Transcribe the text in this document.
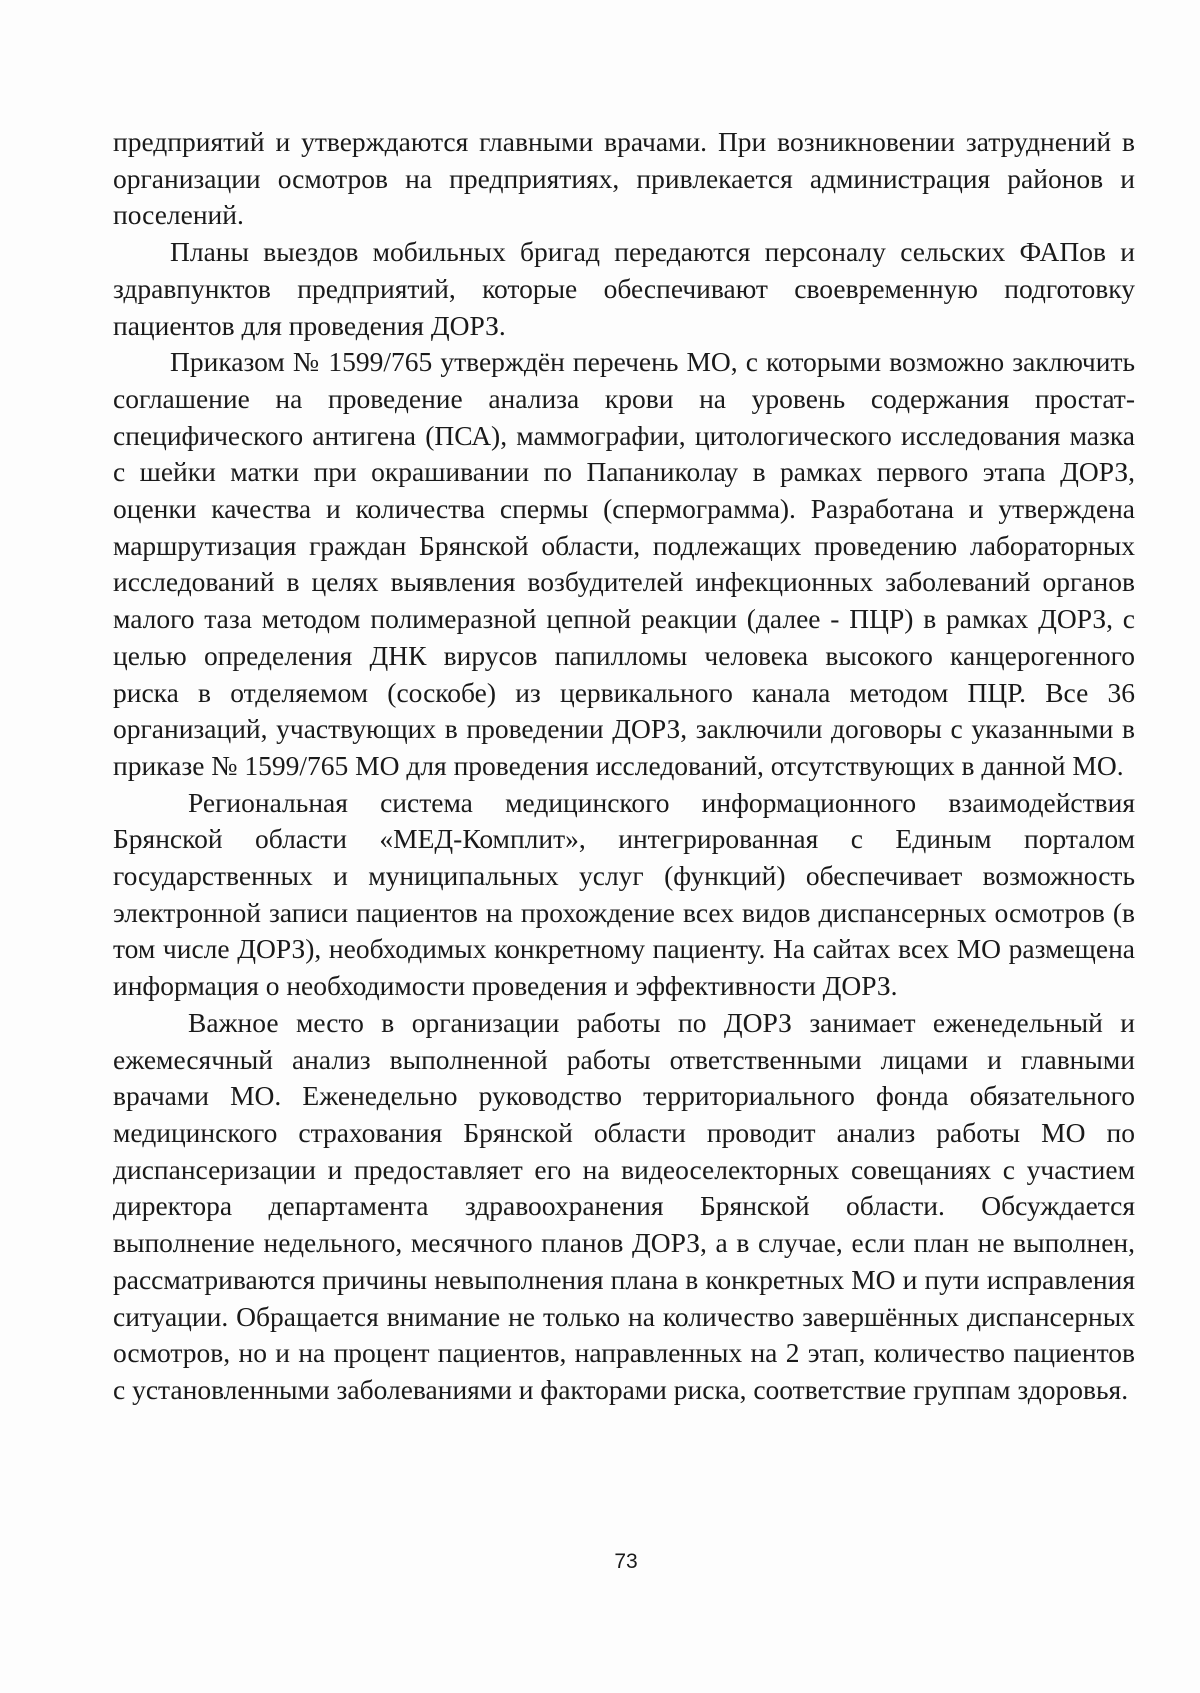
предприятий и утверждаются главными врачами. При возникновении затруднений в организации осмотров на предприятиях, привлекается администрация районов и поселений.

Планы выездов мобильных бригад передаются персоналу сельских ФАПов и здравпунктов предприятий, которые обеспечивают своевременную подготовку пациентов для проведения ДОРЗ.

Приказом № 1599/765 утверждён перечень МО, с которыми возможно заключить соглашение на проведение анализа крови на уровень содержания простат-специфического антигена (ПСА), маммографии, цитологического исследования мазка с шейки матки при окрашивании по Папаниколау в рамках первого этапа ДОРЗ, оценки качества и количества спермы (спермограмма). Разработана и утверждена маршрутизация граждан Брянской области, подлежащих проведению лабораторных исследований в целях выявления возбудителей инфекционных заболеваний органов малого таза методом полимеразной цепной реакции (далее - ПЦР) в рамках ДОРЗ, с целью определения ДНК вирусов папилломы человека высокого канцерогенного риска в отделяемом (соскобе) из цервикального канала методом ПЦР. Все 36 организаций, участвующих в проведении ДОРЗ, заключили договоры с указанными в приказе № 1599/765 МО для проведения исследований, отсутствующих в данной МО.

Региональная система медицинского информационного взаимодействия Брянской области «МЕД-Комплит», интегрированная с Единым порталом государственных и муниципальных услуг (функций) обеспечивает возможность электронной записи пациентов на прохождение всех видов диспансерных осмотров (в том числе ДОРЗ), необходимых конкретному пациенту. На сайтах всех МО размещена информация о необходимости проведения и эффективности ДОРЗ.

Важное место в организации работы по ДОРЗ занимает еженедельный и ежемесячный анализ выполненной работы ответственными лицами и главными врачами МО. Еженедельно руководство территориального фонда обязательного медицинского страхования Брянской области проводит анализ работы МО по диспансеризации и предоставляет его на видеоселекторных совещаниях с участием директора департамента здравоохранения Брянской области. Обсуждается выполнение недельного, месячного планов ДОРЗ, а в случае, если план не выполнен, рассматриваются причины невыполнения плана в конкретных МО и пути исправления ситуации. Обращается внимание не только на количество завершённых диспансерных осмотров, но и на процент пациентов, направленных на 2 этап, количество пациентов с установленными заболеваниями и факторами риска, соответствие группам здоровья.

73
